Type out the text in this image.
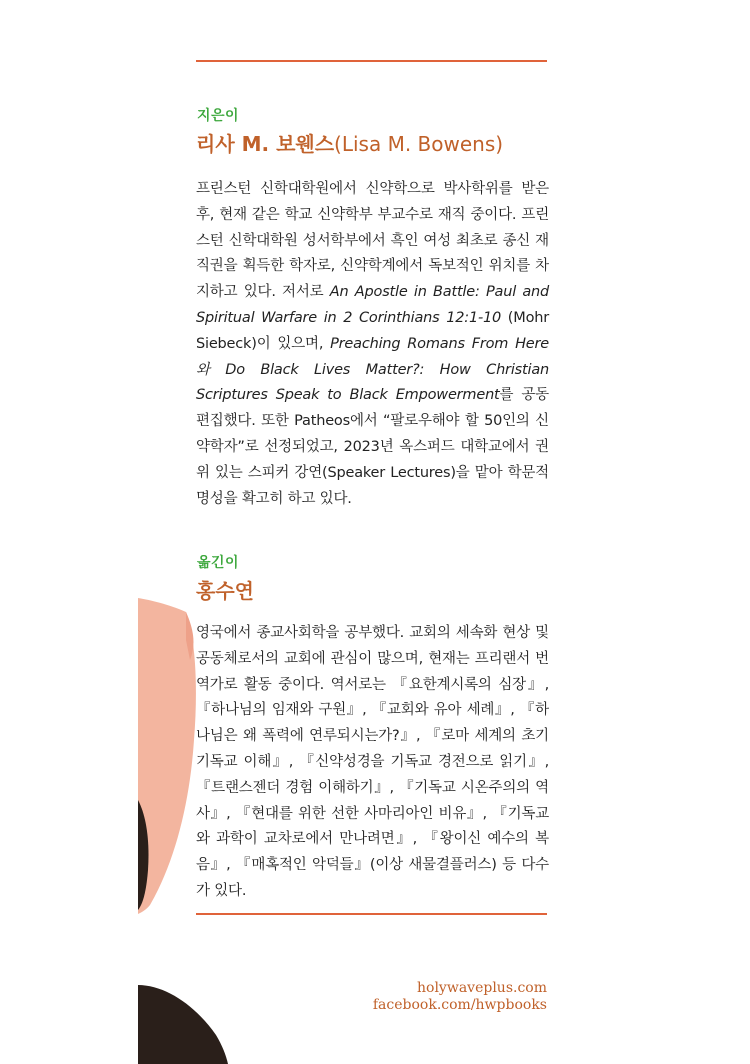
지은이
리사 M. 보웬스(Lisa M. Bowens)
프린스턴 신학대학원에서 신약학으로 박사학위를 받은 후, 현재 같은 학교 신약학부 부교수로 재직 중이다. 프린스턴 신학대학원 성서학부에서 흑인 여성 최초로 종신 재직권을 획득한 학자로, 신약학계에서 독보적인 위치를 차지하고 있다. 저서로 An Apostle in Battle: Paul and Spiritual Warfare in 2 Corinthians 12:1-10 (Mohr Siebeck)이 있으며, Preaching Romans From Here와 Do Black Lives Matter?: How Christian Scriptures Speak to Black Empowerment를 공동 편집했다. 또한 Patheos에서 “팔로우해야 할 50인의 신약학자”로 선정되었고, 2023년 옥스퍼드 대학교에서 권위 있는 스피커 강연(Speaker Lectures)을 맡아 학문적 명성을 확고히 하고 있다.
옮긴이
홍수연
영국에서 종교사회학을 공부했다. 교회의 세속화 현상 및 공동체로서의 교회에 관심이 많으며, 현재는 프리랜서 번역가로 활동 중이다. 역서로는 『요한계시록의 심장』, 『하나님의 임재와 구원』, 『교회와 유아 세례』, 『하나님은 왜 폭력에 연루되시는가?』, 『로마 세계의 초기 기독교 이해』, 『신약성경을 기독교 경전으로 읽기』, 『트랜스젠더 경험 이해하기』, 『기독교 시온주의의 역사』, 『현대를 위한 선한 사마리아인 비유』, 『기독교와 과학이 교차로에서 만나려면』, 『왕이신 예수의 복음』, 『매혹적인 악덕들』(이상 새물결플러스) 등 다수가 있다.
holywaveplus.com
facebook.com/hwpbooks
